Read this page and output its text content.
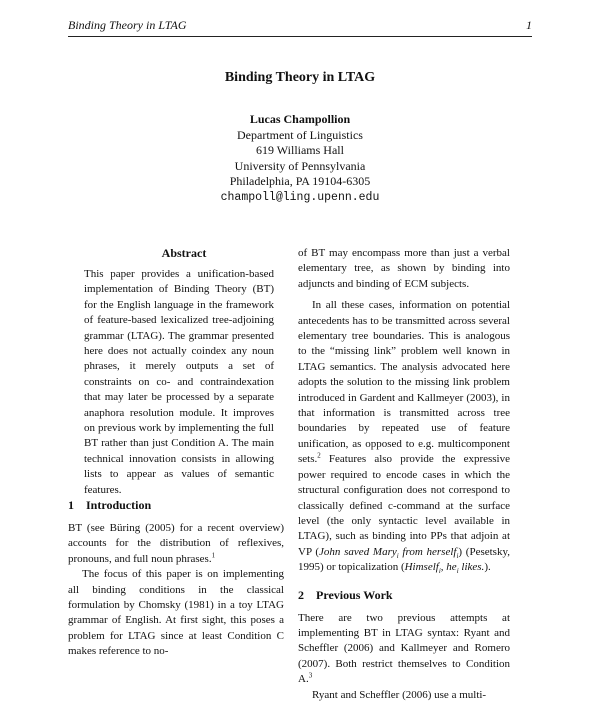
Binding Theory in LTAG	1
Binding Theory in LTAG
Lucas Champollion
Department of Linguistics
619 Williams Hall
University of Pennsylvania
Philadelphia, PA 19104-6305
champoll@ling.upenn.edu
Abstract

This paper provides a unification-based implementation of Binding Theory (BT) for the English language in the framework of feature-based lexicalized tree-adjoining grammar (LTAG). The grammar presented here does not actually coindex any noun phrases, it merely outputs a set of constraints on co- and contraindexation that may later be processed by a separate anaphora resolution module. It improves on previous work by implementing the full BT rather than just Condition A. The main technical innovation consists in allowing lists to appear as values of semantic features.

1 Introduction

BT (see Büring (2005) for a recent overview) accounts for the distribution of reflexives, pronouns, and full noun phrases.$^1$

The focus of this paper is on implementing all binding conditions in the classical formulation by Chomsky (1981) in a toy LTAG grammar of English. At first sight, this poses a problem for LTAG since at least Condition C makes reference to no-

of BT may encompass more than just a verbal elementary tree, as shown by binding into adjuncts and binding of ECM subjects.

In all these cases, information on potential antecedents has to be transmitted across several elementary tree boundaries. This is analogous to the “missing link” problem well known in LTAG semantics. The analysis advocated here adopts the solution to the missing link problem introduced in Gardent and Kallmeyer (2003), in that information is transmitted across tree boundaries by repeated use of feature unification, as opposed to e.g. multicomponent sets.$^2$ Features also provide the expressive power required to encode cases in which the structural configuration does not correspond to classically defined c-command at the surface level (the only syntactic level available in LTAG), such as binding into PPs that adjoin at VP (John saved Mary$_i$ from herself$_i$) (Pesetsky, 1995) or topicalization (Himself$_i$, $he_i$ likes.).

2 Previous Work

There are two previous attempts at implementing BT in LTAG syntax: Ryant and Scheffler (2006) and Kallmeyer and Romero (2007). Both restrict themselves to Condition A.$^3$

Ryant and Scheffler (2006) use a multi-
